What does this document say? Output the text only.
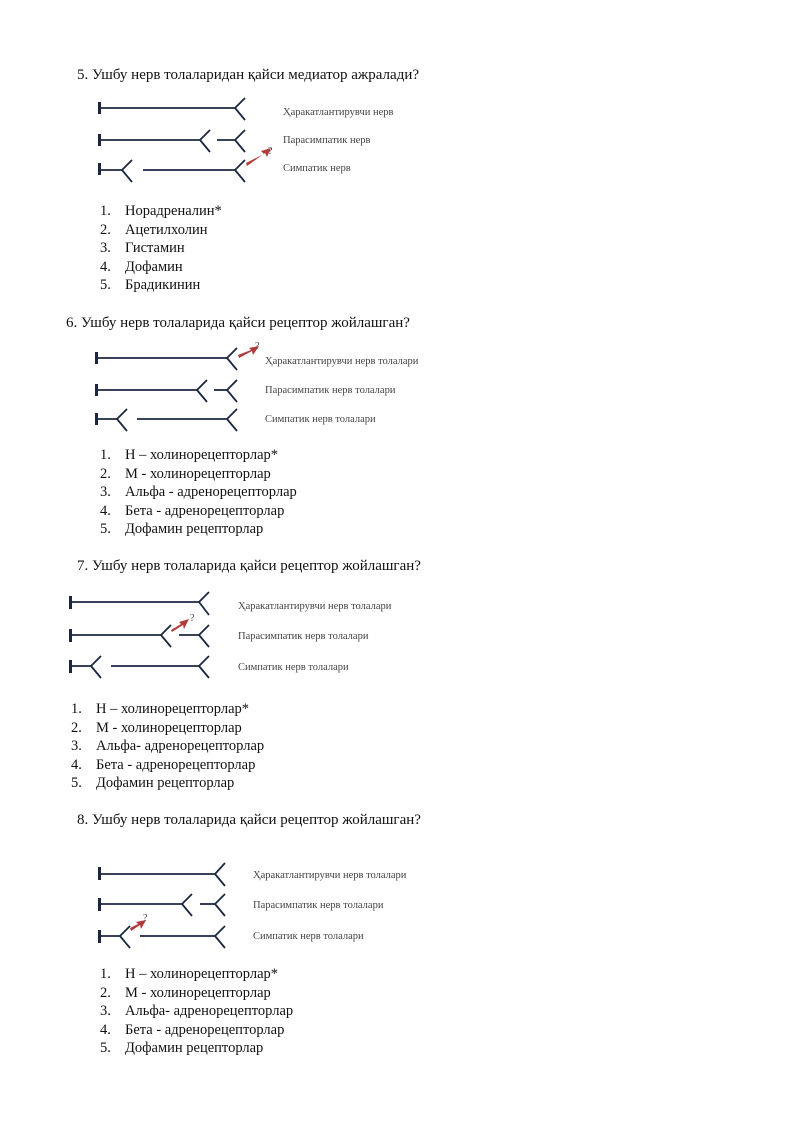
5. Ушбу нерв толаларидан қайси медиатор ажралади?
?
Ҳаракатлантирувчи нерв
Парасимпатик нерв
Симпатик нерв
1. Норадреналин*
2. Ацетилхолин
3. Гистамин
4. Дофамин
5. Брадикинин
6. Ушбу нерв толаларида қайси рецептор жойлашган?
?
Ҳаракатлантирувчи нерв толалари
Парасимпатик нерв толалари
Симпатик нерв толалари
1. Н – холинорецепторлар*
2. М - холинорецепторлар
3. Альфа - адренорецепторлар
4. Бета - адренорецепторлар
5. Дофамин рецепторлар
7. Ушбу нерв толаларида қайси рецептор жойлашган?
?
Ҳаракатлантирувчи нерв толалари
Парасимпатик нерв толалари
Симпатик нерв толалари
1. Н – холинорецепторлар*
2. М - холинорецепторлар
3. Альфа- адренорецепторлар
4. Бета - адренорецепторлар
5. Дофамин рецепторлар
8. Ушбу нерв толаларида қайси рецептор жойлашган?
?
Ҳаракатлантирувчи нерв толалари
Парасимпатик нерв толалари
Симпатик нерв толалари
1. Н – холинорецепторлар*
2. М - холинорецепторлар
3. Альфа- адренорецепторлар
4. Бета - адренорецепторлар
5. Дофамин рецепторлар
